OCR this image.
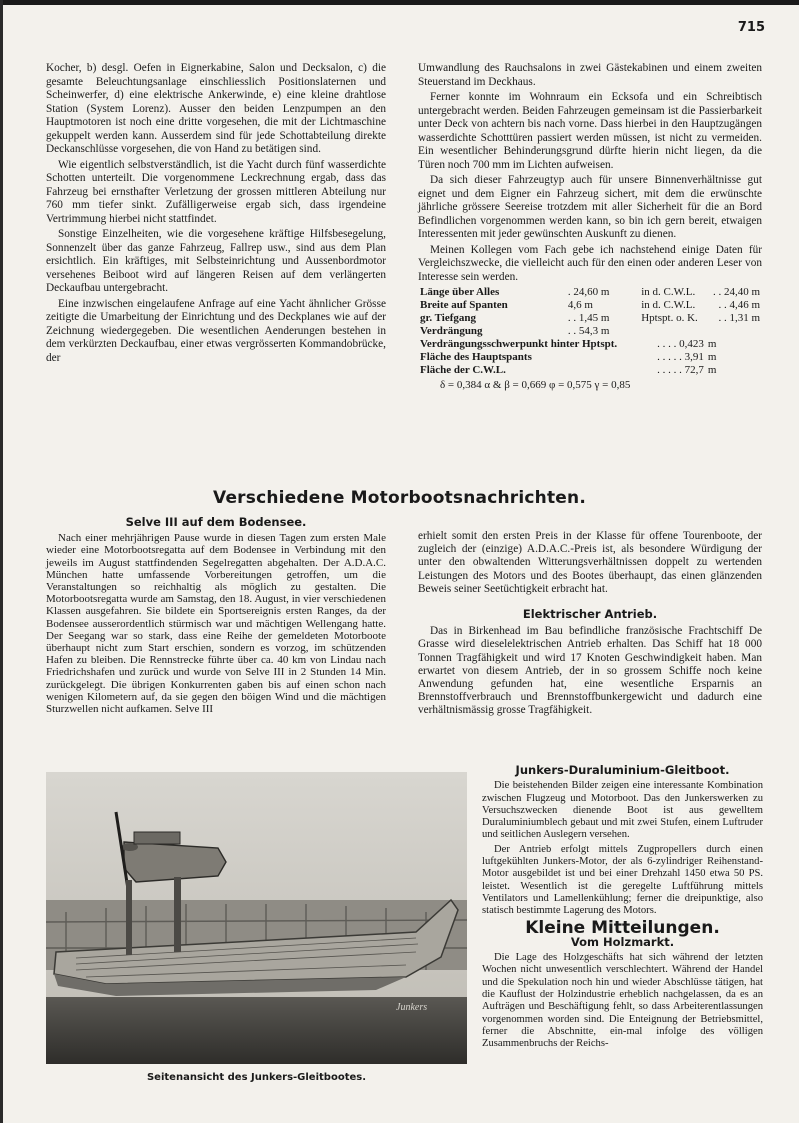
715

Kocher, b) desgl. Oefen in Eignerkabine, Salon und Decksalon, c) die gesamte Beleuchtungsanlage einschliesslich Positionslaternen und Scheinwerfer, d) eine elektrische Ankerwinde, e) eine kleine drahtlose Station (System Lorenz). Ausser den beiden Lenzpumpen an den Hauptmotoren ist noch eine dritte vorgesehen, die mit der Lichtmaschine gekuppelt werden kann. Ausserdem sind für jede Schottabteilung direkte Deckanschlüsse vorgesehen, die von Hand zu betätigen sind.

Wie eigentlich selbstverständlich, ist die Yacht durch fünf wasserdichte Schotten unterteilt. Die vorgenommene Leckrechnung ergab, dass das Fahrzeug bei ernsthafter Verletzung der grossen mittleren Abteilung nur 760 mm tiefer sinkt. Zufälligerweise ergab sich, dass irgendeine Vertrimmung hierbei nicht stattfindet.

Sonstige Einzelheiten, wie die vorgesehene kräftige Hilfsbesegelung, Sonnenzelt über das ganze Fahrzeug, Fallrep usw., sind aus dem Plan ersichtlich. Ein kräftiges, mit Selbsteinrichtung und Aussenbordmotor versehenes Beiboot wird auf längeren Reisen auf dem verlängerten Deckaufbau untergebracht.

Eine inzwischen eingelaufene Anfrage auf eine Yacht ähnlicher Grösse zeitigte die Umarbeitung der Einrichtung und des Deckplanes wie auf der Zeichnung wiedergegeben. Die wesentlichen Aenderungen bestehen in dem verkürzten Deckaufbau, einer etwas vergrösserten Kommandobrücke, der

Umwandlung des Rauchsalons in zwei Gästekabinen und einem zweiten Steuerstand im Deckhaus.

Ferner konnte im Wohnraum ein Ecksofa und ein Schreibtisch untergebracht werden. Beiden Fahrzeugen gemeinsam ist die Passierbarkeit unter Deck von achtern bis nach vorne. Dass hierbei in den Hauptzugängen wasserdichte Schotttüren passiert werden müssen, ist nicht zu vermeiden. Ein wesentlicher Behinderungsgrund dürfte hierin nicht liegen, da die Türen noch 700 mm im Lichten aufweisen.

Da sich dieser Fahrzeugtyp auch für unsere Binnenverhältnisse gut eignet und dem Eigner ein Fahrzeug sichert, mit dem die erwünschte jährliche grössere Seereise trotzdem mit aller Sicherheit für die an Bord Befindlichen vorgenommen werden kann, so bin ich gern bereit, etwaigen Interessenten mit jeder gewünschten Auskunft zu dienen.

Meinen Kollegen vom Fach gebe ich nachstehend einige Daten für Vergleichszwecke, die vielleicht auch für den einen oder anderen Leser von Interesse sein werden.

Länge über Alles	. 24,60 m	in d. C.W.L.	. . 24,40 m
Breite auf Spanten	4,6 m	in d. C.W.L.	. . 4,46 m
gr. Tiefgang	. . 1,45 m	Hptspt. o. K.	. . 1,31 m
Verdrängung	. . 54,3 m		
Verdrängungsschwerpunkt hinter Hptspt.		. . . . 0,423	m
Fläche des Hauptspants		. . . . . 3,91	m
Fläche der C.W.L.		. . . . . 72,7	m
δ = 0,384 α & β = 0,669 φ = 0,575 γ = 0,85
Verschiedene Motorbootsnachrichten.
Selve III auf dem Bodensee.

Nach einer mehrjährigen Pause wurde in diesen Tagen zum ersten Male wieder eine Motorbootsregatta auf dem Bodensee in Verbindung mit den jeweils im August stattfindenden Segelregatten abgehalten. Der A.D.A.C. München hatte umfassende Vorbereitungen getroffen, um die Veranstaltungen so reichhaltig als möglich zu gestalten. Die Motorbootsregatta wurde am Samstag, den 18. August, in vier verschiedenen Klassen ausgefahren. Sie bildete ein Sportsereignis ersten Ranges, da der Bodensee ausserordentlich stürmisch war und mächtigen Wellengang hatte. Der Seegang war so stark, dass eine Reihe der gemeldeten Motorboote überhaupt nicht zum Start erschien, sondern es vorzog, im schützenden Hafen zu bleiben. Die Rennstrecke führte über ca. 40 km von Lindau nach Friedrichshafen und zurück und wurde von Selve III in 2 Stunden 14 Min. zurückgelegt. Die übrigen Konkurrenten gaben bis auf einen schon nach wenigen Kilometern auf, da sie gegen den böigen Wind und die mächtigen Sturzwellen nicht aufkamen. Selve III

erhielt somit den ersten Preis in der Klasse für offene Tourenboote, der zugleich der (einzige) A.D.A.C.-Preis ist, als besondere Würdigung der unter den obwaltenden Witterungsverhältnissen doppelt zu wertenden Leistungen des Motors und des Bootes überhaupt, das einen glänzenden Beweis seiner Seetüchtigkeit erbracht hat.

Elektrischer Antrieb.

Das in Birkenhead im Bau befindliche französische Frachtschiff De Grasse wird dieselelektrischen Antrieb erhalten. Das Schiff hat 18 000 Tonnen Tragfähigkeit und wird 17 Knoten Geschwindigkeit haben. Man erwartet von diesem Antrieb, der in so grossem Schiffe noch keine Anwendung gefunden hat, eine wesentliche Ersparnis an Brennstoffverbrauch und Brennstoffbunkergewicht und dadurch eine verhältnismässig grosse Tragfähigkeit.

Junkers
Seitenansicht des Junkers-Gleitbootes.
Junkers-Duraluminium-Gleitboot.

Die beistehenden Bilder zeigen eine interessante Kombination zwischen Flugzeug und Motorboot. Das den Junkerswerken zu Versuchszwecken dienende Boot ist aus gewelltem Duraluminiumblech gebaut und mit zwei Stufen, einem Luftruder und seitlichen Auslegern versehen.

Der Antrieb erfolgt mittels Zugpropellers durch einen luftgekühlten Junkers-Motor, der als 6-zylindriger Reihenstand-Motor ausgebildet ist und bei einer Drehzahl 1450 etwa 50 PS. leistet. Wesentlich ist die geregelte Luftführung mittels Ventilators und Lamellenkühlung; ferner die dreipunktige, also statisch bestimmte Lagerung des Motors.

Kleine Mitteilungen.
Vom Holzmarkt.

Die Lage des Holzgeschäfts hat sich während der letzten Wochen nicht unwesentlich verschlechtert. Während der Handel und die Spekulation noch hin und wieder Abschlüsse tätigen, hat die Kauflust der Holzindustrie erheblich nachgelassen, da es an Aufträgen und Beschäftigung fehlt, so dass Arbeiterentlassungen vorgenommen worden sind. Die Enteignung der Betriebsmittel, ferner die Abschnitte, ein-mal infolge des völligen Zusammenbruchs der Reichs-
